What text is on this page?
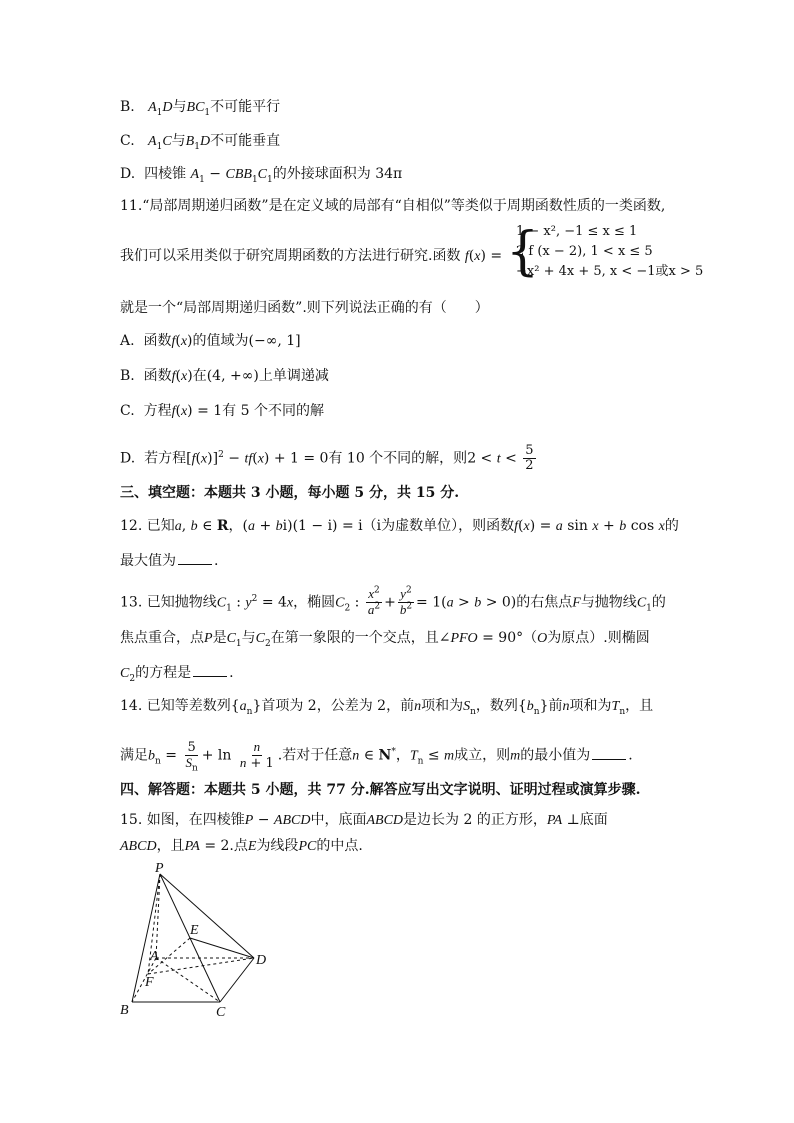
B. $A_1D$与$BC_1$不可能平行
C. $A_1C$与$B_1D$不可能垂直
D. 四棱锥 $A_1 - CBB_1C_1$的外接球面积为 34π
11.“局部周期递归函数”是在定义域的局部有“自相似”等类似于周期函数性质的一类函数,
我们可以采用类似于研究周期函数的方法进行研究.函数 f(x) = {
1 − x², −1 ≤ x ≤ 1
2 f (x − 2), 1 < x ≤ 5
−x² + 4x + 5, x < −1或x > 5
就是一个“局部周期递归函数”.则下列说法正确的有（　　）
A. 函数f(x)的值域为(−∞, 1]
B. 函数f(x)在(4, +∞)上单调递减
C. 方程f(x) = 1有 5 个不同的解
D. 若方程$[f(x)]^2 - tf(x) + 1 = 0$有 10 个不同的解，则$2 < t < \frac{5}{2}$
三、填空题：本题共 3 小题，每小题 5 分，共 15 分.
12. 已知a, b ∈ R，(a + bi)(1 − i) = i（i为虚数单位），则函数f(x) = a sin x + b cos x的
最大值为	.
13. 已知抛物线$C_1$ : $y^2 = 4x$，椭圆$C_2$ : $\frac{x^2}{a^2} + \frac{y^2}{b^2} = 1(a > b > 0)$的右焦点F与抛物线$C_1$的
焦点重合，点P是$C_1$与$C_2$在第一象限的一个交点，且∠PFO = 90°（O为原点）.则椭圆
$C_2$的方程是	.
14. 已知等差数列$\{a_n\}$首项为 2，公差为 2，前n项和为$S_n$，数列$\{b_n\}$前n项和为$T_n$，且
满足$b_n = \frac{5}{S_n} + \ln \frac{n}{n + 1}$ .若对于任意n ∈ N*，$T_n \le m$成立，则m的最小值为	.
四、解答题：本题共 5 小题，共 77 分.解答应写出文字说明、证明过程或演算步骤.
15. 如图，在四棱锥P − ABCD中，底面ABCD是边长为 2 的正方形，PA ⊥底面
ABCD，且PA = 2.点E为线段PC的中点.
P
E
A	D
F
B	C
